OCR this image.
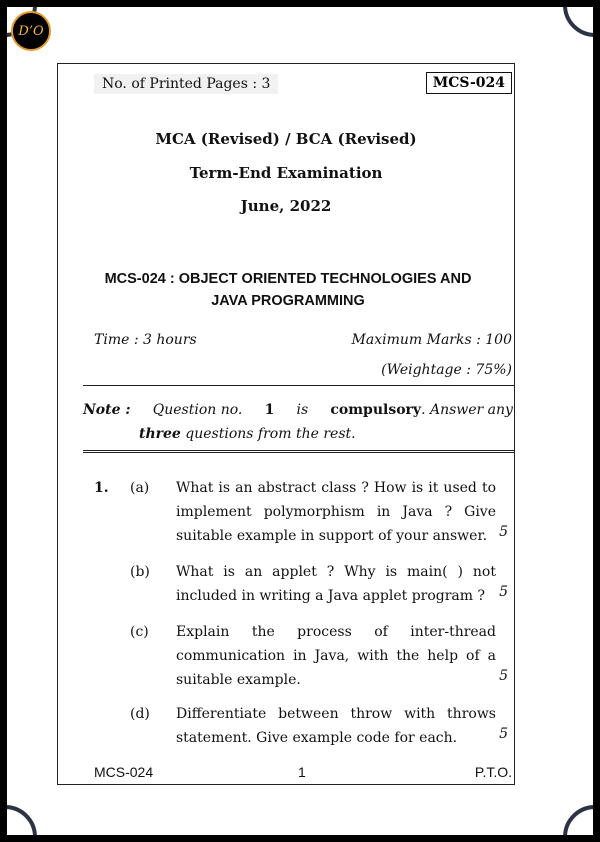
D’O
No. of Printed Pages : 3	MCS-024
MCA (Revised) / BCA (Revised)
Term-End Examination
June, 2022
MCS-024 : OBJECT ORIENTED TECHNOLOGIES AND
JAVA PROGRAMMING
Time : 3 hours	Maximum Marks : 100
(Weightage : 75%)
Note : Question no. 1 is compulsory. Answer any
three questions from the rest.
1. (a) What is an abstract class ? How is it used to
implement polymorphism in Java ? Give
suitable example in support of your answer. 5
(b) What is an applet ? Why is main( ) not
included in writing a Java applet program ?	5
(c) Explain the process of inter-thread
communication in Java, with the help of a
suitable example.	5
(d) Differentiate between throw with throws
statement. Give example code for each.	5
MCS-024	1	P.T.O.
